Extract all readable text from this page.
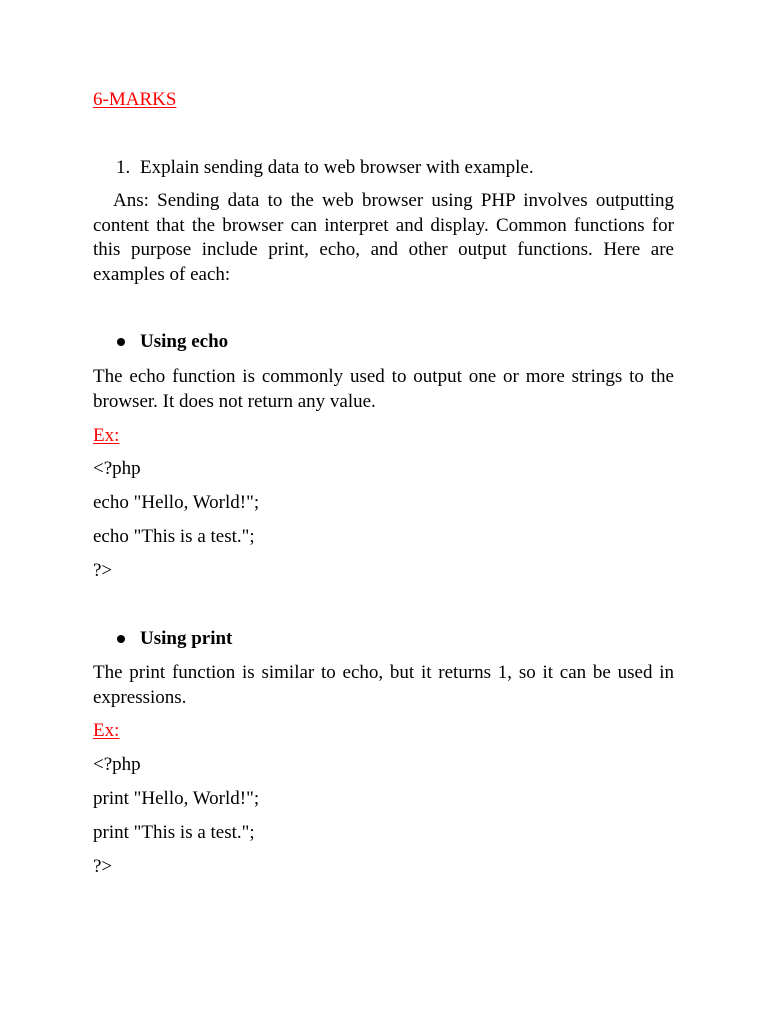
6-MARKS
1. Explain sending data to web browser with example.
Ans: Sending data to the web browser using PHP involves outputting content that the browser can interpret and display. Common functions for this purpose include print, echo, and other output functions. Here are examples of each:
Using echo
The echo function is commonly used to output one or more strings to the browser. It does not return any value.
Ex:
<?php
echo "Hello, World!";
echo "This is a test.";
?>
Using print
The print function is similar to echo, but it returns 1, so it can be used in expressions.
Ex:
<?php
print "Hello, World!";
print "This is a test.";
?>
